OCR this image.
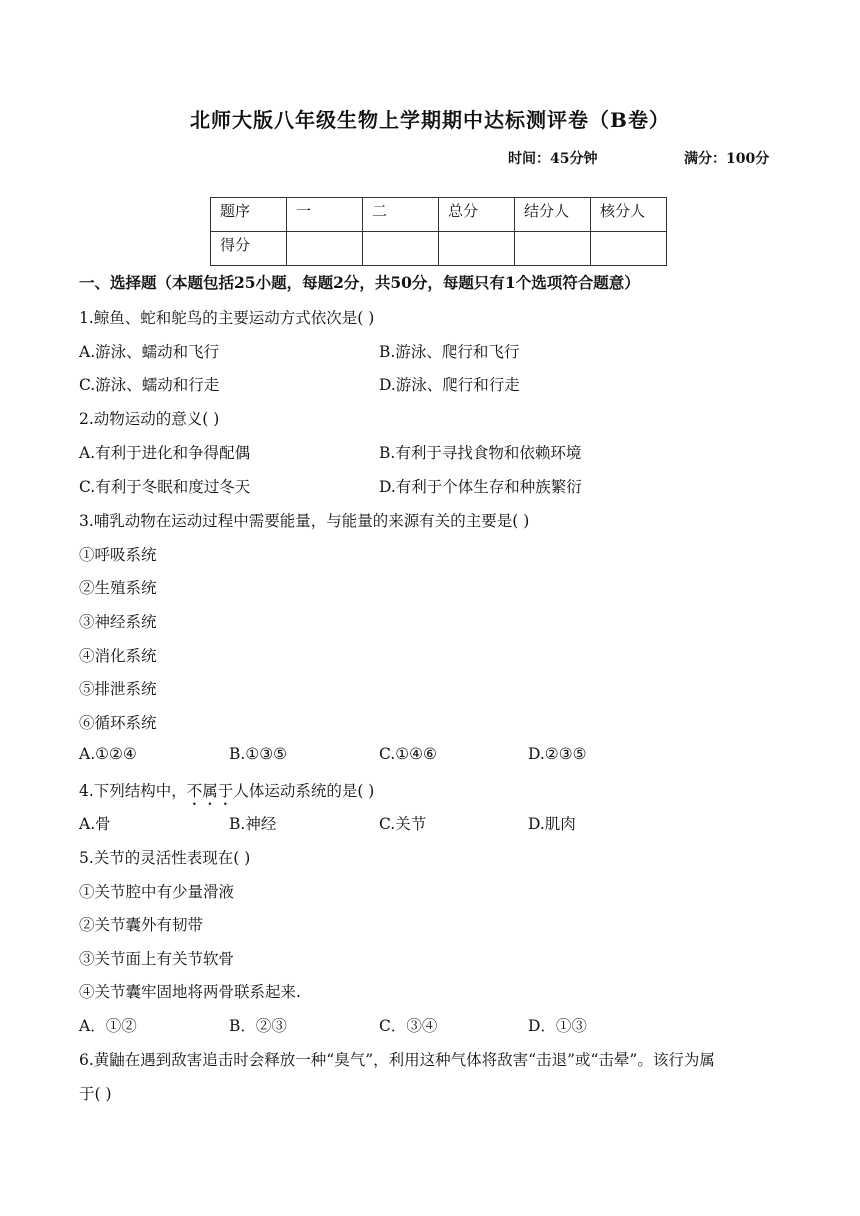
北师大版八年级生物上学期期中达标测评卷（B卷）
时间：45分钟	满分：100分
题序	一	二	总分	结分人	核分人
得分					
一、选择题（本题包括25小题，每题2分，共50分，每题只有1个选项符合题意）
1.鲸鱼、蛇和鸵鸟的主要运动方式依次是( )
A.游泳、蠕动和飞行	B.游泳、爬行和飞行
C.游泳、蠕动和行走	D.游泳、爬行和行走
2.动物运动的意义( )
A.有利于进化和争得配偶	B.有利于寻找食物和依赖环境
C.有利于冬眠和度过冬天	D.有利于个体生存和种族繁衍
3.哺乳动物在运动过程中需要能量，与能量的来源有关的主要是( )
①呼吸系统
②生殖系统
③神经系统
④消化系统
⑤排泄系统
⑥循环系统
A.①②④	B.①③⑤	C.①④⑥	D.②③⑤
4.下列结构中，不属于人体运动系统的是( )
A.骨	B.神经	C.关节	D.肌肉
5.关节的灵活性表现在( )
①关节腔中有少量滑液
②关节囊外有韧带
③关节面上有关节软骨
④关节囊牢固地将两骨联系起来.
A．①②	B．②③	C．③④	D．①③
6.黄鼬在遇到敌害追击时会释放一种“臭气”，利用这种气体将敌害“击退”或“击晕”。该行为属
于( )
